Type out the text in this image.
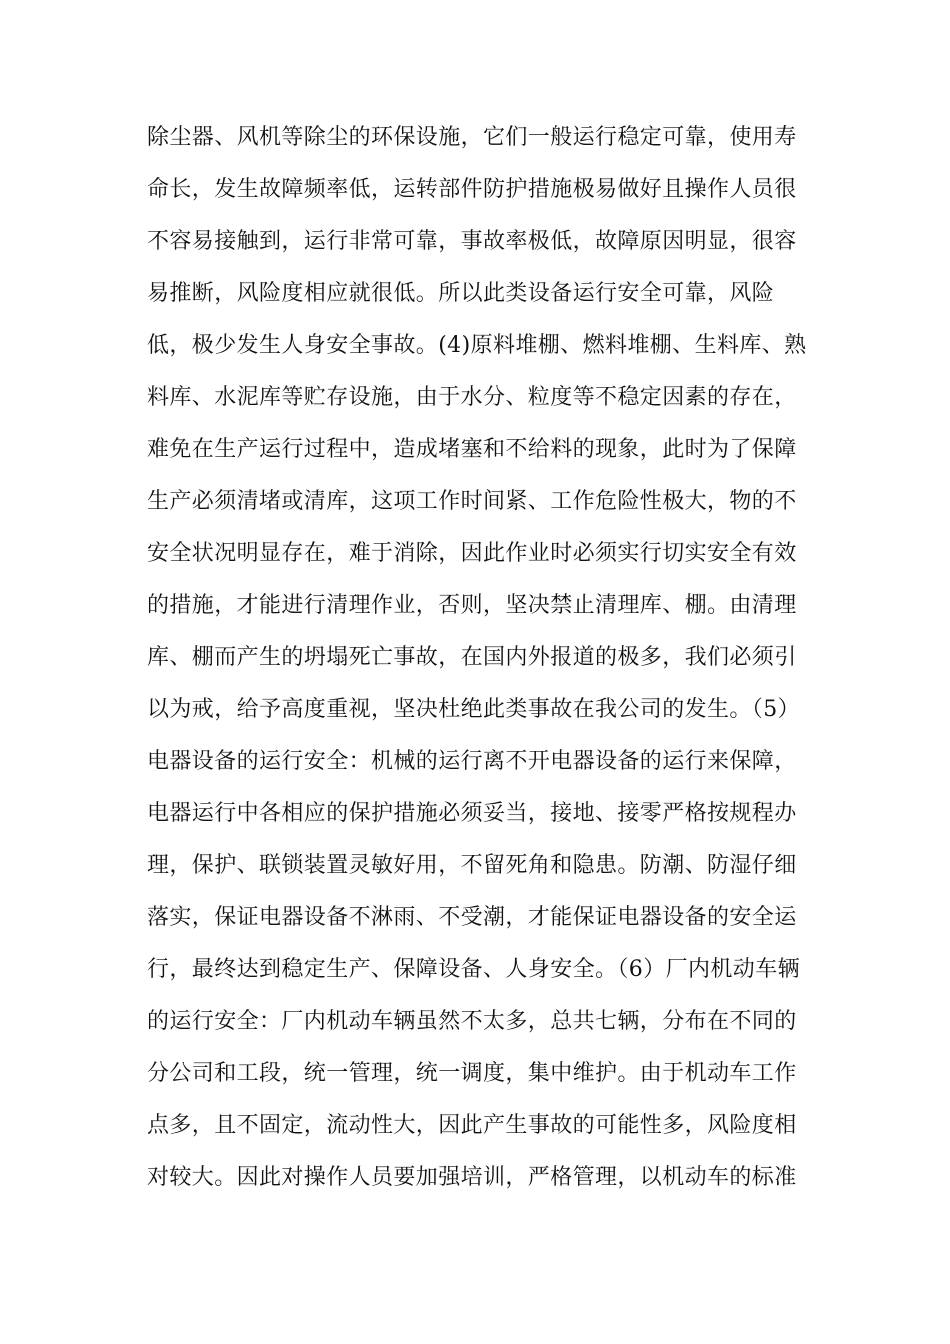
除尘器、风机等除尘的环保设施，它们一般运行稳定可靠，使用寿
命长，发生故障频率低，运转部件防护措施极易做好且操作人员很
不容易接触到，运行非常可靠，事故率极低，故障原因明显，很容
易推断，风险度相应就很低。所以此类设备运行安全可靠，风险
低，极少发生人身安全事故。(4)原料堆棚、燃料堆棚、生料库、熟
料库、水泥库等贮存设施，由于水分、粒度等不稳定因素的存在，
难免在生产运行过程中，造成堵塞和不给料的现象，此时为了保障
生产必须清堵或清库，这项工作时间紧、工作危险性极大，物的不
安全状况明显存在，难于消除，因此作业时必须实行切实安全有效
的措施，才能进行清理作业，否则，坚决禁止清理库、棚。由清理
库、棚而产生的坍塌死亡事故，在国内外报道的极多，我们必须引
以为戒，给予高度重视，坚决杜绝此类事故在我公司的发生。（5）
电器设备的运行安全：机械的运行离不开电器设备的运行来保障，
电器运行中各相应的保护措施必须妥当，接地、接零严格按规程办
理，保护、联锁装置灵敏好用，不留死角和隐患。防潮、防湿仔细
落实，保证电器设备不淋雨、不受潮，才能保证电器设备的安全运
行，最终达到稳定生产、保障设备、人身安全。（6）厂内机动车辆
的运行安全：厂内机动车辆虽然不太多，总共七辆，分布在不同的
分公司和工段，统一管理，统一调度，集中维护。由于机动车工作
点多，且不固定，流动性大，因此产生事故的可能性多，风险度相
对较大。因此对操作人员要加强培训，严格管理，以机动车的标准
